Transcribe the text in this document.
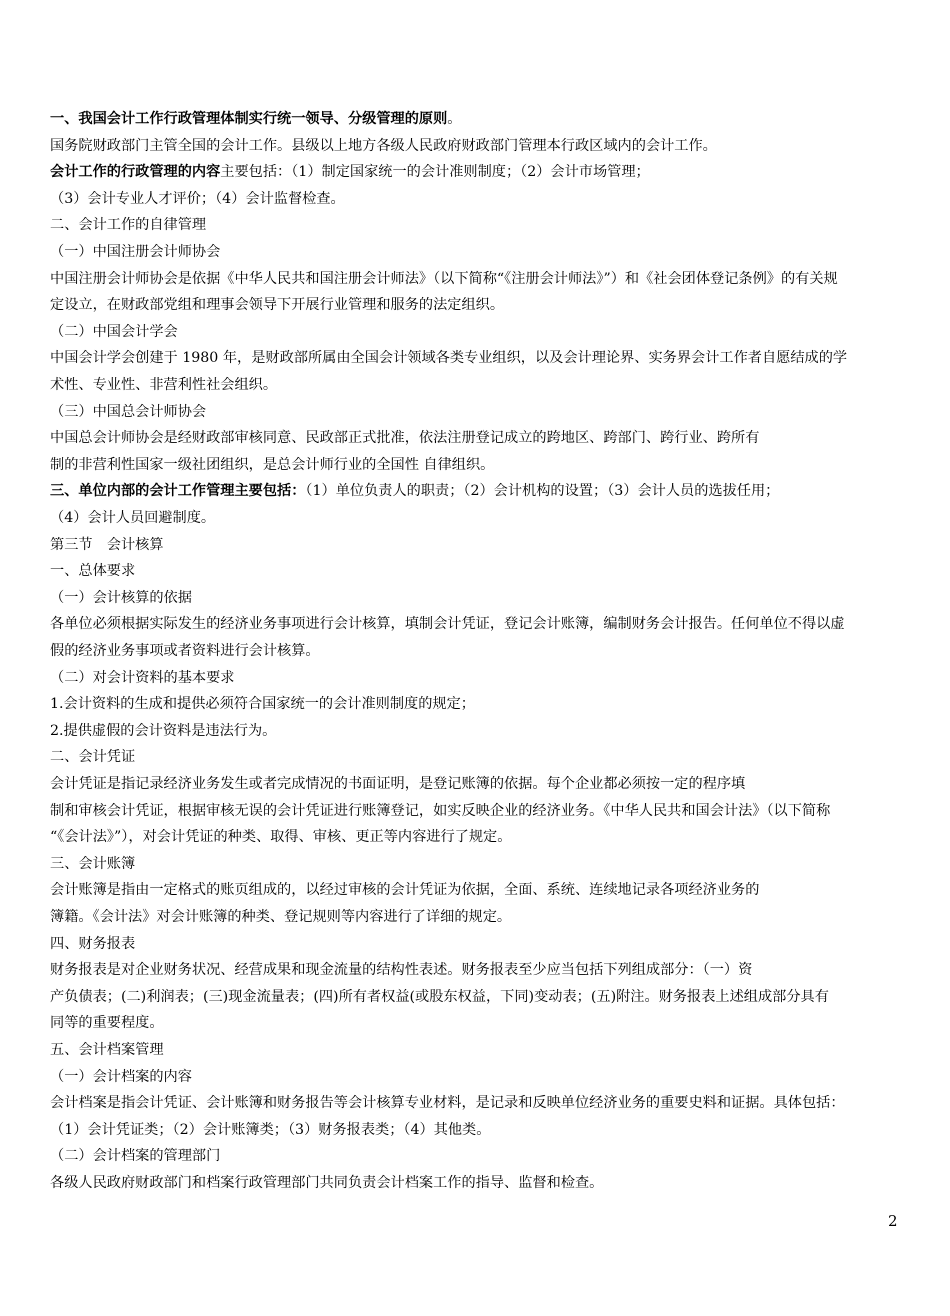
一、我国会计工作行政管理体制实行统一领导、分级管理的原则。
国务院财政部门主管全国的会计工作。县级以上地方各级人民政府财政部门管理本行政区域内的会计工作。
会计工作的行政管理的内容主要包括：（1）制定国家统一的会计准则制度；（2）会计市场管理；
（3）会计专业人才评价；（4）会计监督检查。
二、会计工作的自律管理
（一）中国注册会计师协会
中国注册会计师协会是依据《中华人民共和国注册会计师法》（以下简称“《注册会计师法》”）和《社会团体登记条例》的有关规
定设立，在财政部党组和理事会领导下开展行业管理和服务的法定组织。
（二）中国会计学会
中国会计学会创建于 1980 年，是财政部所属由全国会计领域各类专业组织，以及会计理论界、实务界会计工作者自愿结成的学
术性、专业性、非营利性社会组织。
（三）中国总会计师协会
中国总会计师协会是经财政部审核同意、民政部正式批准，依法注册登记成立的跨地区、跨部门、跨行业、跨所有
制的非营利性国家一级社团组织，是总会计师行业的全国性 自律组织。
三、单位内部的会计工作管理主要包括：（1）单位负责人的职责；（2）会计机构的设置；（3）会计人员的选拔任用；
（4）会计人员回避制度。
第三节　会计核算
一、总体要求
（一）会计核算的依据
各单位必须根据实际发生的经济业务事项进行会计核算，填制会计凭证，登记会计账簿，编制财务会计报告。任何单位不得以虚
假的经济业务事项或者资料进行会计核算。
（二）对会计资料的基本要求
1.会计资料的生成和提供必须符合国家统一的会计准则制度的规定；
2.提供虚假的会计资料是违法行为。
二、会计凭证
会计凭证是指记录经济业务发生或者完成情况的书面证明，是登记账簿的依据。每个企业都必须按一定的程序填
制和审核会计凭证，根据审核无误的会计凭证进行账簿登记，如实反映企业的经济业务。《中华人民共和国会计法》（以下简称
“《会计法》”），对会计凭证的种类、取得、审核、更正等内容进行了规定。
三、会计账簿
会计账簿是指由一定格式的账页组成的，以经过审核的会计凭证为依据，全面、系统、连续地记录各项经济业务的
簿籍。《会计法》对会计账簿的种类、登记规则等内容进行了详细的规定。
四、财务报表
财务报表是对企业财务状况、经营成果和现金流量的结构性表述。财务报表至少应当包括下列组成部分：（一）资
产负债表；(二)利润表；(三)现金流量表；(四)所有者权益(或股东权益，下同)变动表；(五)附注。财务报表上述组成部分具有
同等的重要程度。
五、会计档案管理
（一）会计档案的内容
会计档案是指会计凭证、会计账簿和财务报告等会计核算专业材料，是记录和反映单位经济业务的重要史料和证据。具体包括：
（1）会计凭证类；（2）会计账簿类；（3）财务报表类；（4）其他类。
（二）会计档案的管理部门
各级人民政府财政部门和档案行政管理部门共同负责会计档案工作的指导、监督和检查。
2
